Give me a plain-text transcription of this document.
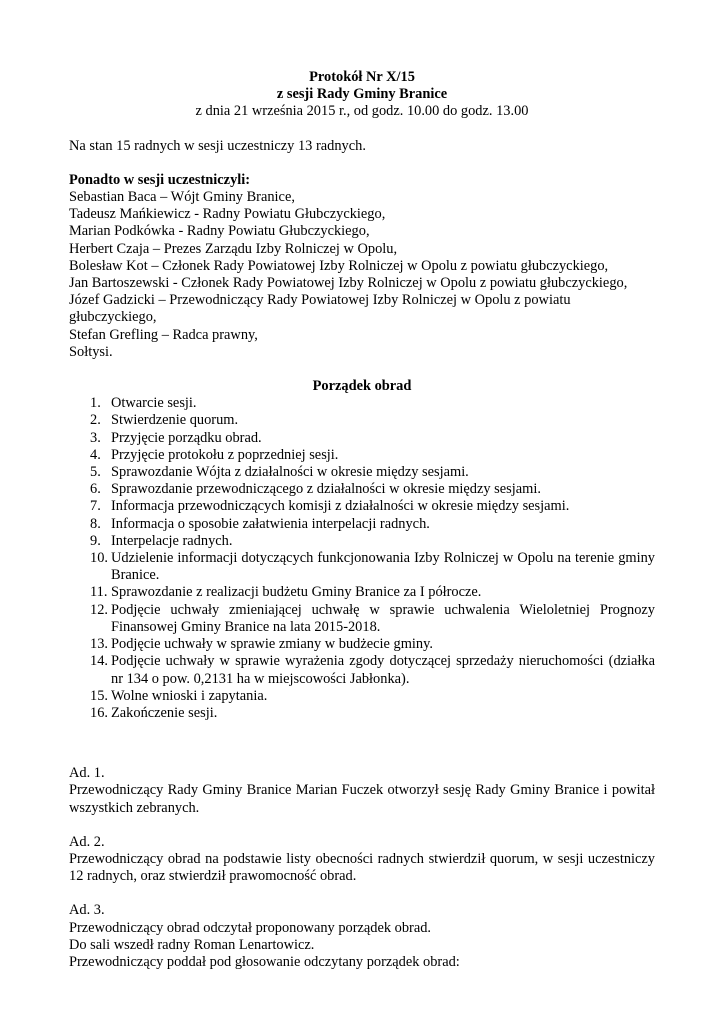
Protokół Nr X/15
z sesji Rady Gminy Branice
z dnia 21 września 2015 r., od godz. 10.00 do godz. 13.00
Na stan 15 radnych w sesji uczestniczy 13 radnych.
Ponadto w sesji uczestniczyli:
Sebastian Baca – Wójt Gminy Branice,
Tadeusz Mańkiewicz - Radny Powiatu Głubczyckiego,
Marian Podkówka - Radny Powiatu Głubczyckiego,
Herbert Czaja – Prezes Zarządu Izby Rolniczej w Opolu,
Bolesław Kot – Członek Rady Powiatowej Izby Rolniczej w Opolu z powiatu głubczyckiego,
Jan Bartoszewski - Członek Rady Powiatowej Izby Rolniczej w Opolu z powiatu głubczyckiego,
Józef Gadzicki – Przewodniczący Rady Powiatowej Izby Rolniczej w Opolu z powiatu głubczyckiego,
Stefan Grefling – Radca prawny,
Sołtysi.
Porządek obrad
1. Otwarcie sesji.
2. Stwierdzenie quorum.
3. Przyjęcie porządku obrad.
4. Przyjęcie protokołu z poprzedniej sesji.
5. Sprawozdanie Wójta z działalności w okresie między sesjami.
6. Sprawozdanie przewodniczącego z działalności w okresie między sesjami.
7. Informacja przewodniczących komisji z działalności w okresie między sesjami.
8. Informacja o sposobie załatwienia interpelacji radnych.
9. Interpelacje radnych.
10. Udzielenie informacji dotyczących funkcjonowania Izby Rolniczej w Opolu na terenie gminy Branice.
11. Sprawozdanie z realizacji budżetu Gminy Branice za I półrocze.
12. Podjęcie uchwały zmieniającej uchwałę w sprawie uchwalenia Wieloletniej Prognozy Finansowej Gminy Branice na lata 2015-2018.
13. Podjęcie uchwały w sprawie zmiany w budżecie gminy.
14. Podjęcie uchwały w sprawie wyrażenia zgody dotyczącej sprzedaży nieruchomości (działka nr 134 o pow. 0,2131 ha w miejscowości Jabłonka).
15. Wolne wnioski i zapytania.
16. Zakończenie sesji.
Ad. 1.
Przewodniczący Rady Gminy Branice Marian Fuczek otworzył sesję Rady Gminy Branice i powitał wszystkich zebranych.
Ad. 2.
Przewodniczący obrad na podstawie listy obecności radnych stwierdził quorum, w sesji uczestniczy 12 radnych, oraz stwierdził prawomocność obrad.
Ad. 3.
Przewodniczący obrad odczytał proponowany porządek obrad.
Do sali wszedł radny Roman Lenartowicz.
Przewodniczący poddał pod głosowanie odczytany porządek obrad:
